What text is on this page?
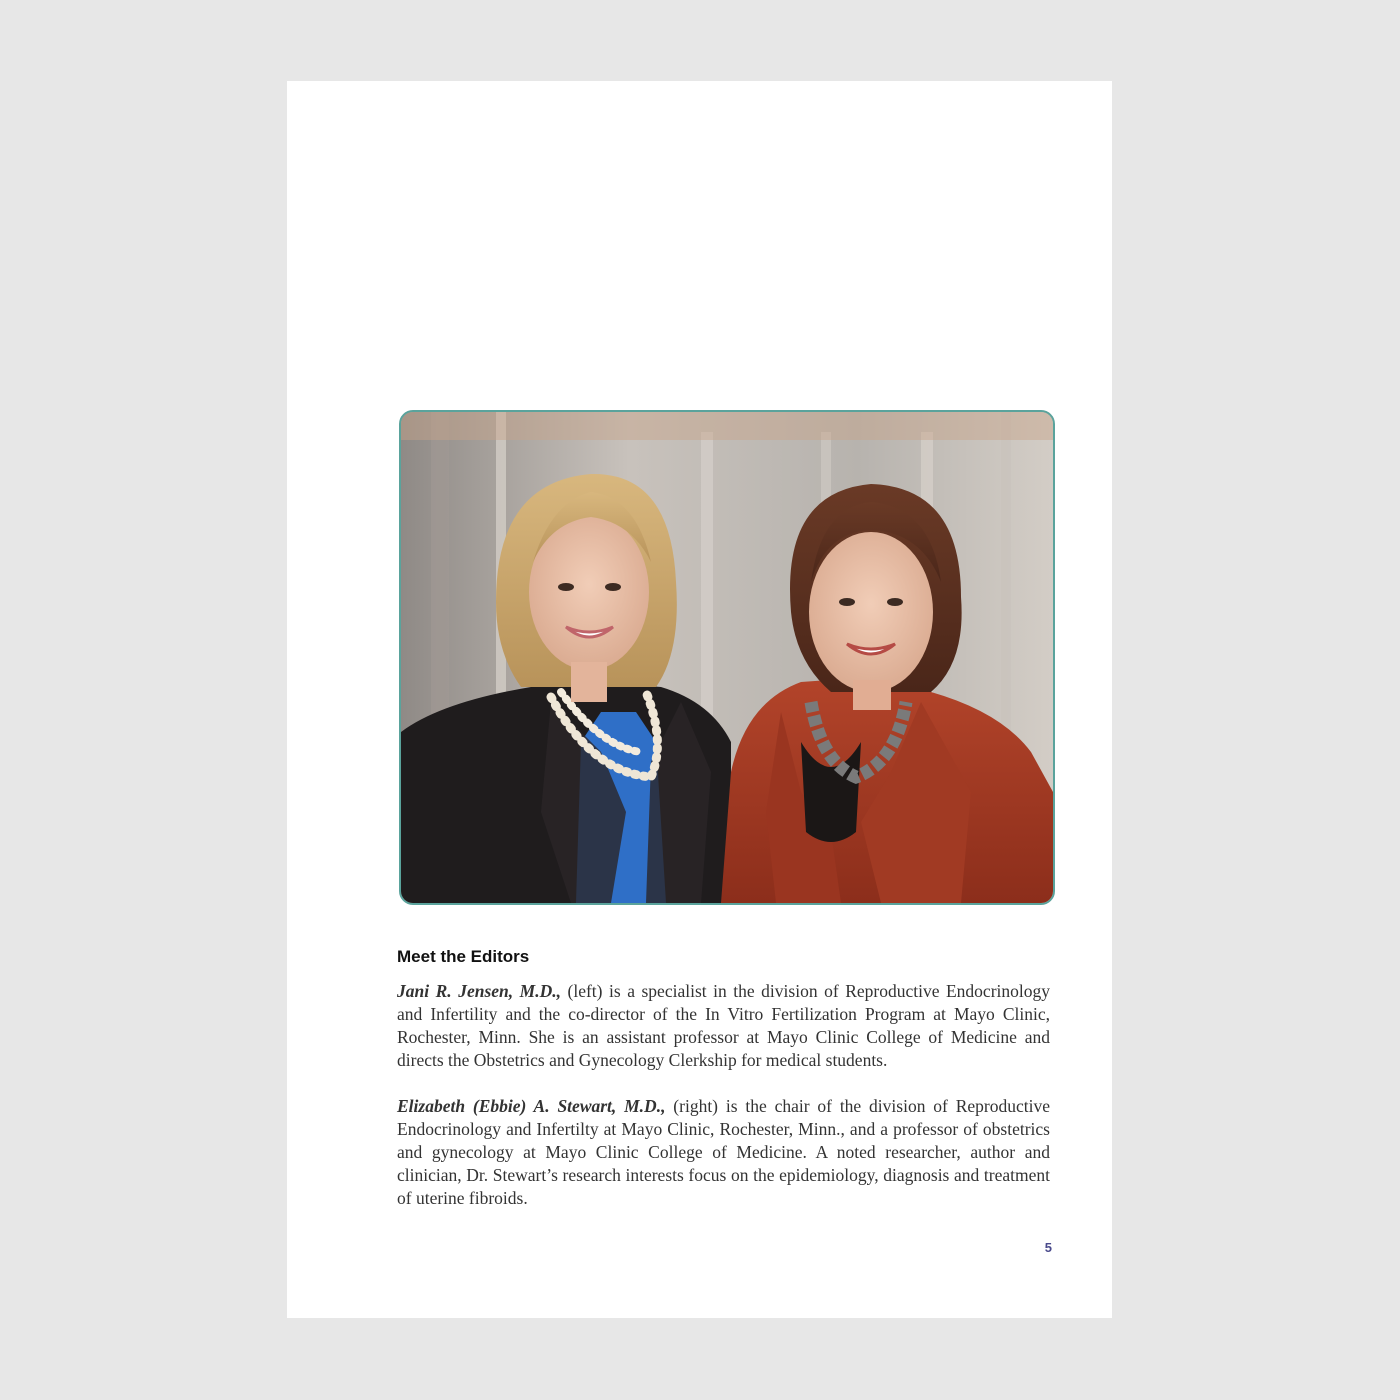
Meet the Editors

Jani R. Jensen, M.D., (left) is a specialist in the division of Reproductive Endocrinology and Infertility and the co-director of the In Vitro Fertilization Program at Mayo Clinic, Rochester, Minn. She is an assistant professor at Mayo Clinic College of Medicine and directs the Obstetrics and Gynecology Clerkship for medical students.

Elizabeth (Ebbie) A. Stewart, M.D., (right) is the chair of the division of Reproductive Endocrinology and Infertilty at Mayo Clinic, Rochester, Minn., and a professor of obstetrics and gynecology at Mayo Clinic College of Medicine. A noted researcher, author and clinician, Dr. Stewart’s research interests focus on the epidemiology, diagnosis and treatment of uterine fibroids.

5
